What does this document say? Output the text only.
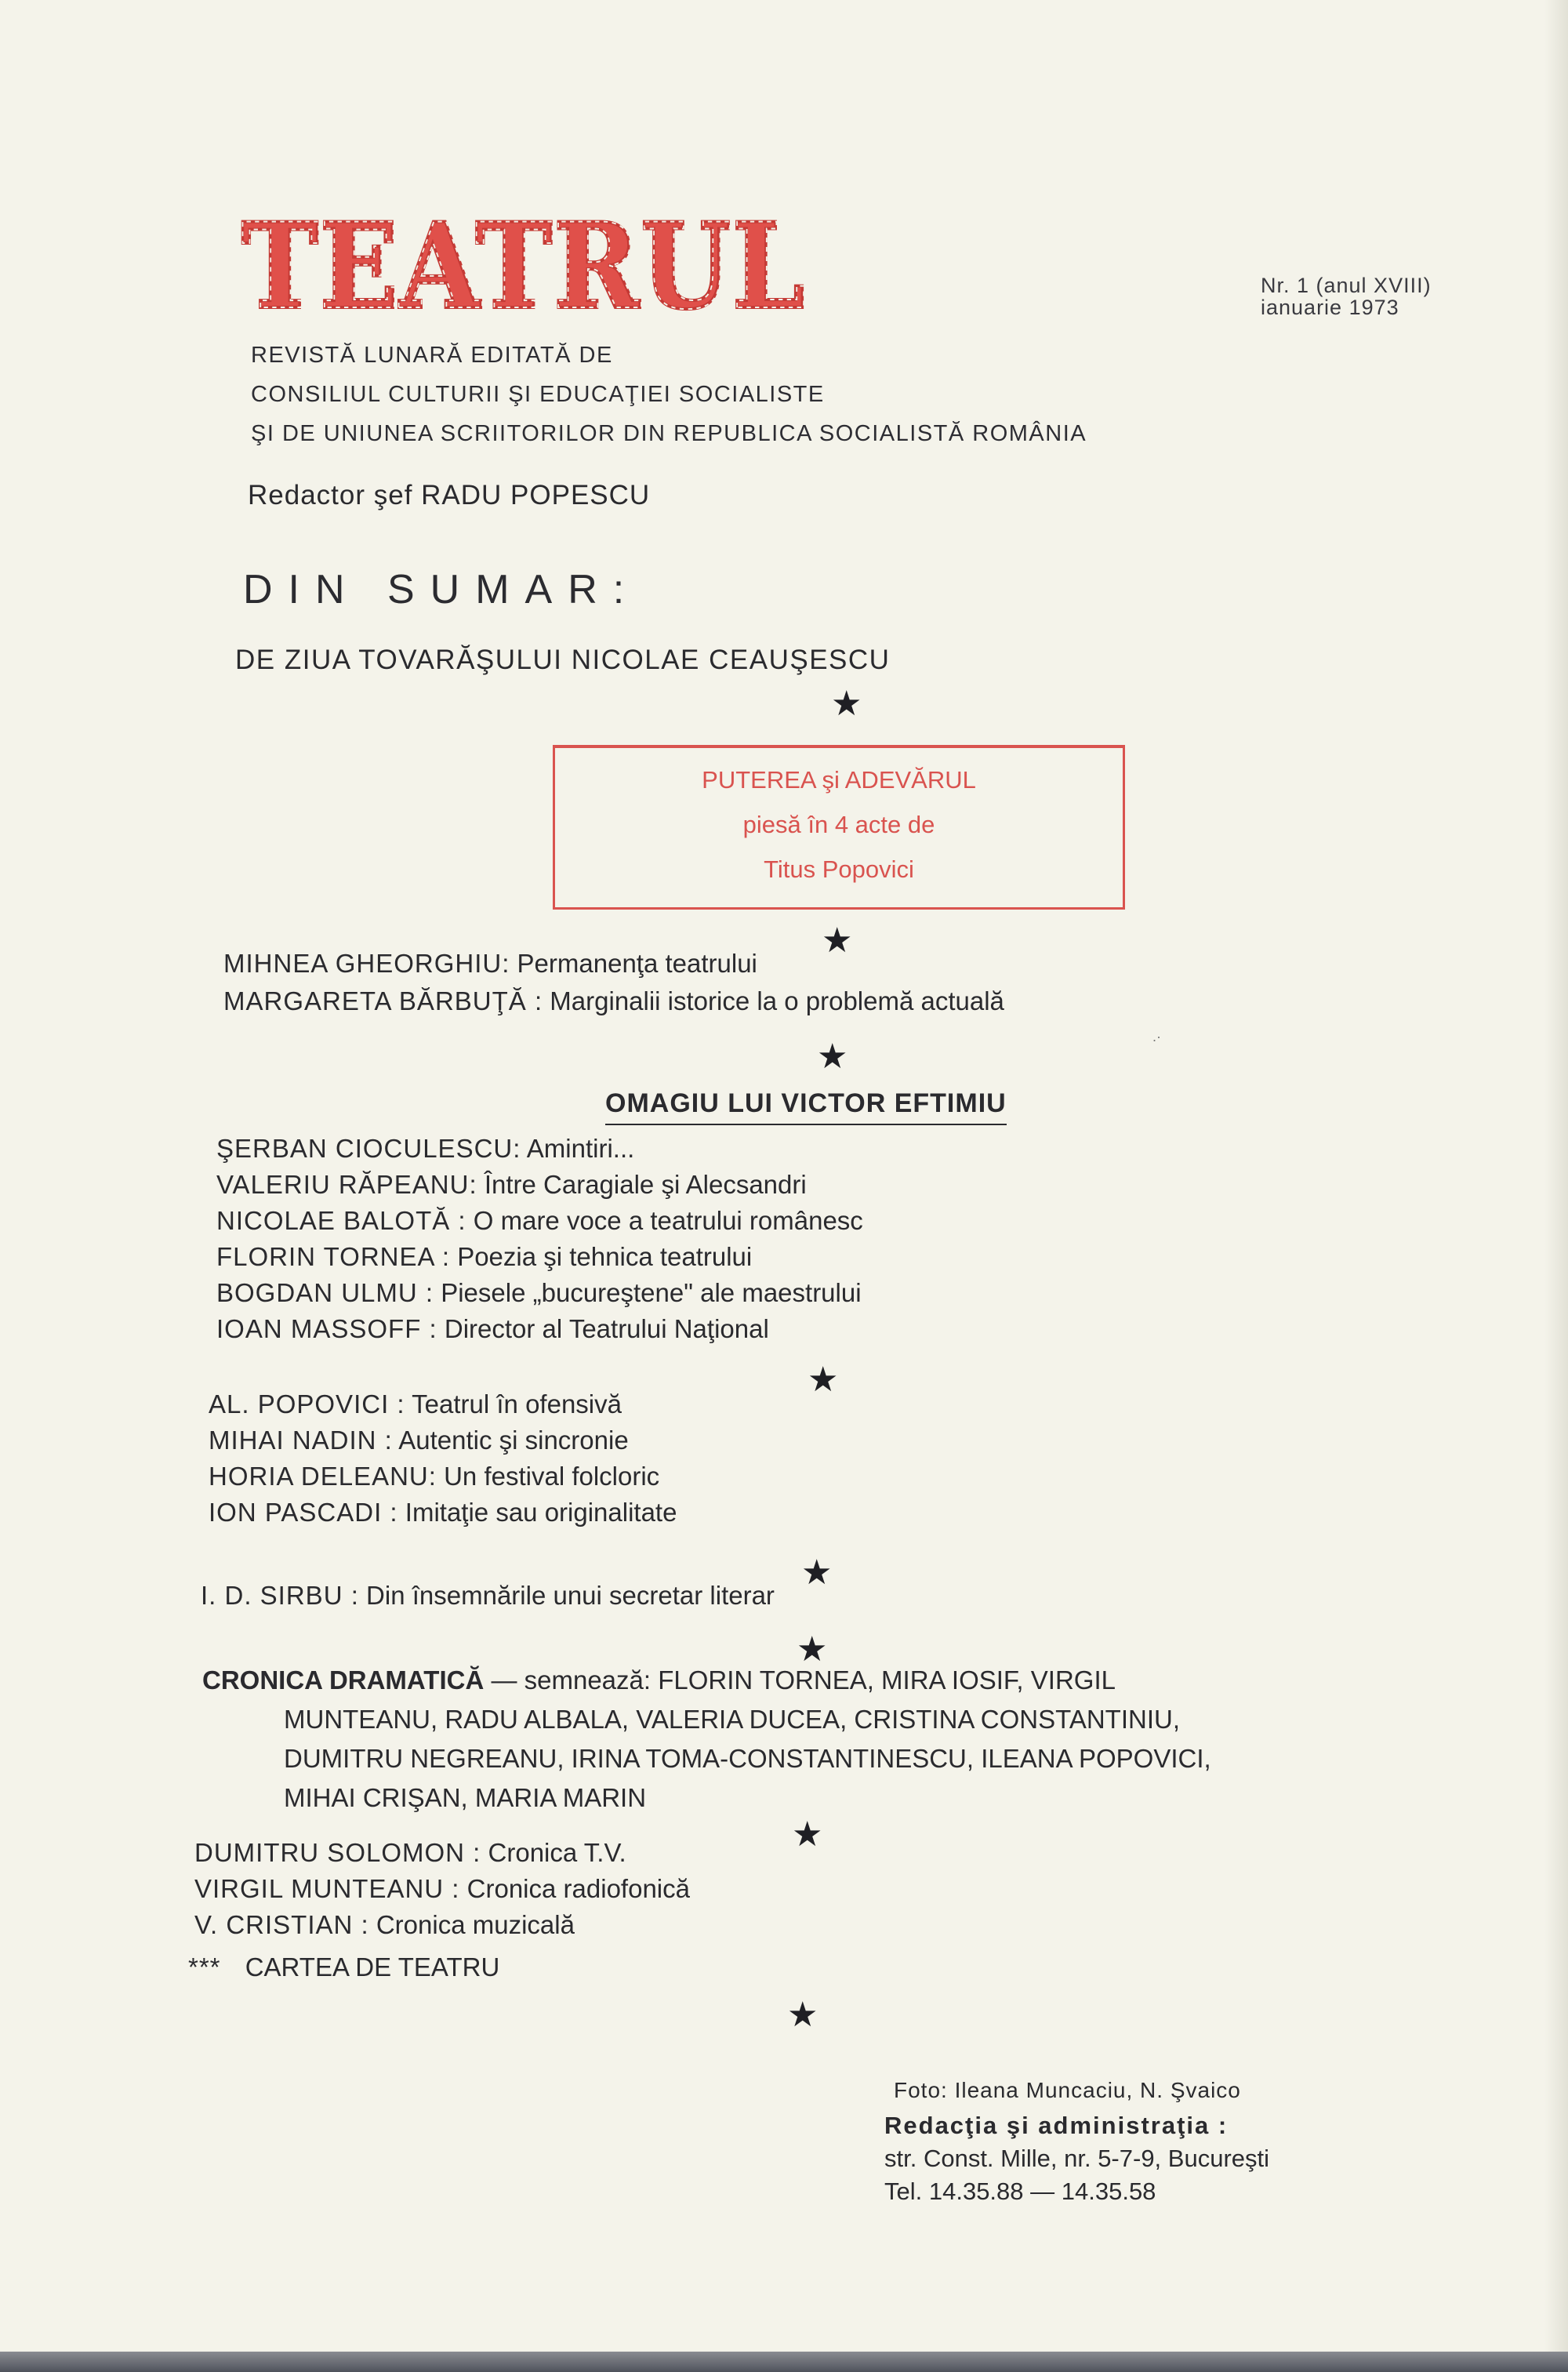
TEATRUL
TEATRUL	Nr. 1 (anul XVIII)
ianuarie 1973
REVISTĂ LUNARĂ EDITATĂ DE
CONSILIUL CULTURII ŞI EDUCAŢIEI SOCIALISTE
ŞI DE UNIUNEA SCRIITORILOR DIN REPUBLICA SOCIALISTĂ ROMÂNIA
Redactor şef RADU POPESCU
DIN SUMAR:
DE ZIUA TOVARĂŞULUI NICOLAE CEAUŞESCU
★
PUTEREA şi ADEVĂRUL
piesă în 4 acte de
Titus Popovici
★
MIHNEA GHEORGHIU: Permanenţa teatrului
MARGARETA BĂRBUŢĂ : Marginalii istorice la o problemă actuală
.·
★
OMAGIU LUI VICTOR EFTIMIU
ŞERBAN CIOCULESCU: Amintiri...
VALERIU RĂPEANU: Între Caragiale şi Alecsandri
NICOLAE BALOTĂ : O mare voce a teatrului românesc
FLORIN TORNEA : Poezia şi tehnica teatrului
BOGDAN ULMU : Piesele „bucureştene" ale maestrului
IOAN MASSOFF : Director al Teatrului Naţional
★
AL. POPOVICI : Teatrul în ofensivă
MIHAI NADIN : Autentic şi sincronie
HORIA DELEANU: Un festival folcloric
ION PASCADI : Imitaţie sau originalitate
★
I. D. SIRBU : Din însemnările unui secretar literar
★
CRONICA DRAMATICĂ — semnează: FLORIN TORNEA, MIRA IOSIF, VIRGIL
MUNTEANU, RADU ALBALA, VALERIA DUCEA, CRISTINA CONSTANTINIU,
DUMITRU NEGREANU, IRINA TOMA-CONSTANTINESCU, ILEANA POPOVICI,
MIHAI CRIŞAN, MARIA MARIN
★
DUMITRU SOLOMON : Cronica T.V.
VIRGIL MUNTEANU : Cronica radiofonică
V. CRISTIAN : Cronica muzicală
*** CARTEA DE TEATRU
★
Foto: Ileana Muncaciu, N. Şvaico
Redacţia şi administraţia :
str. Const. Mille, nr. 5-7-9, Bucureşti
Tel. 14.35.88 — 14.35.58
